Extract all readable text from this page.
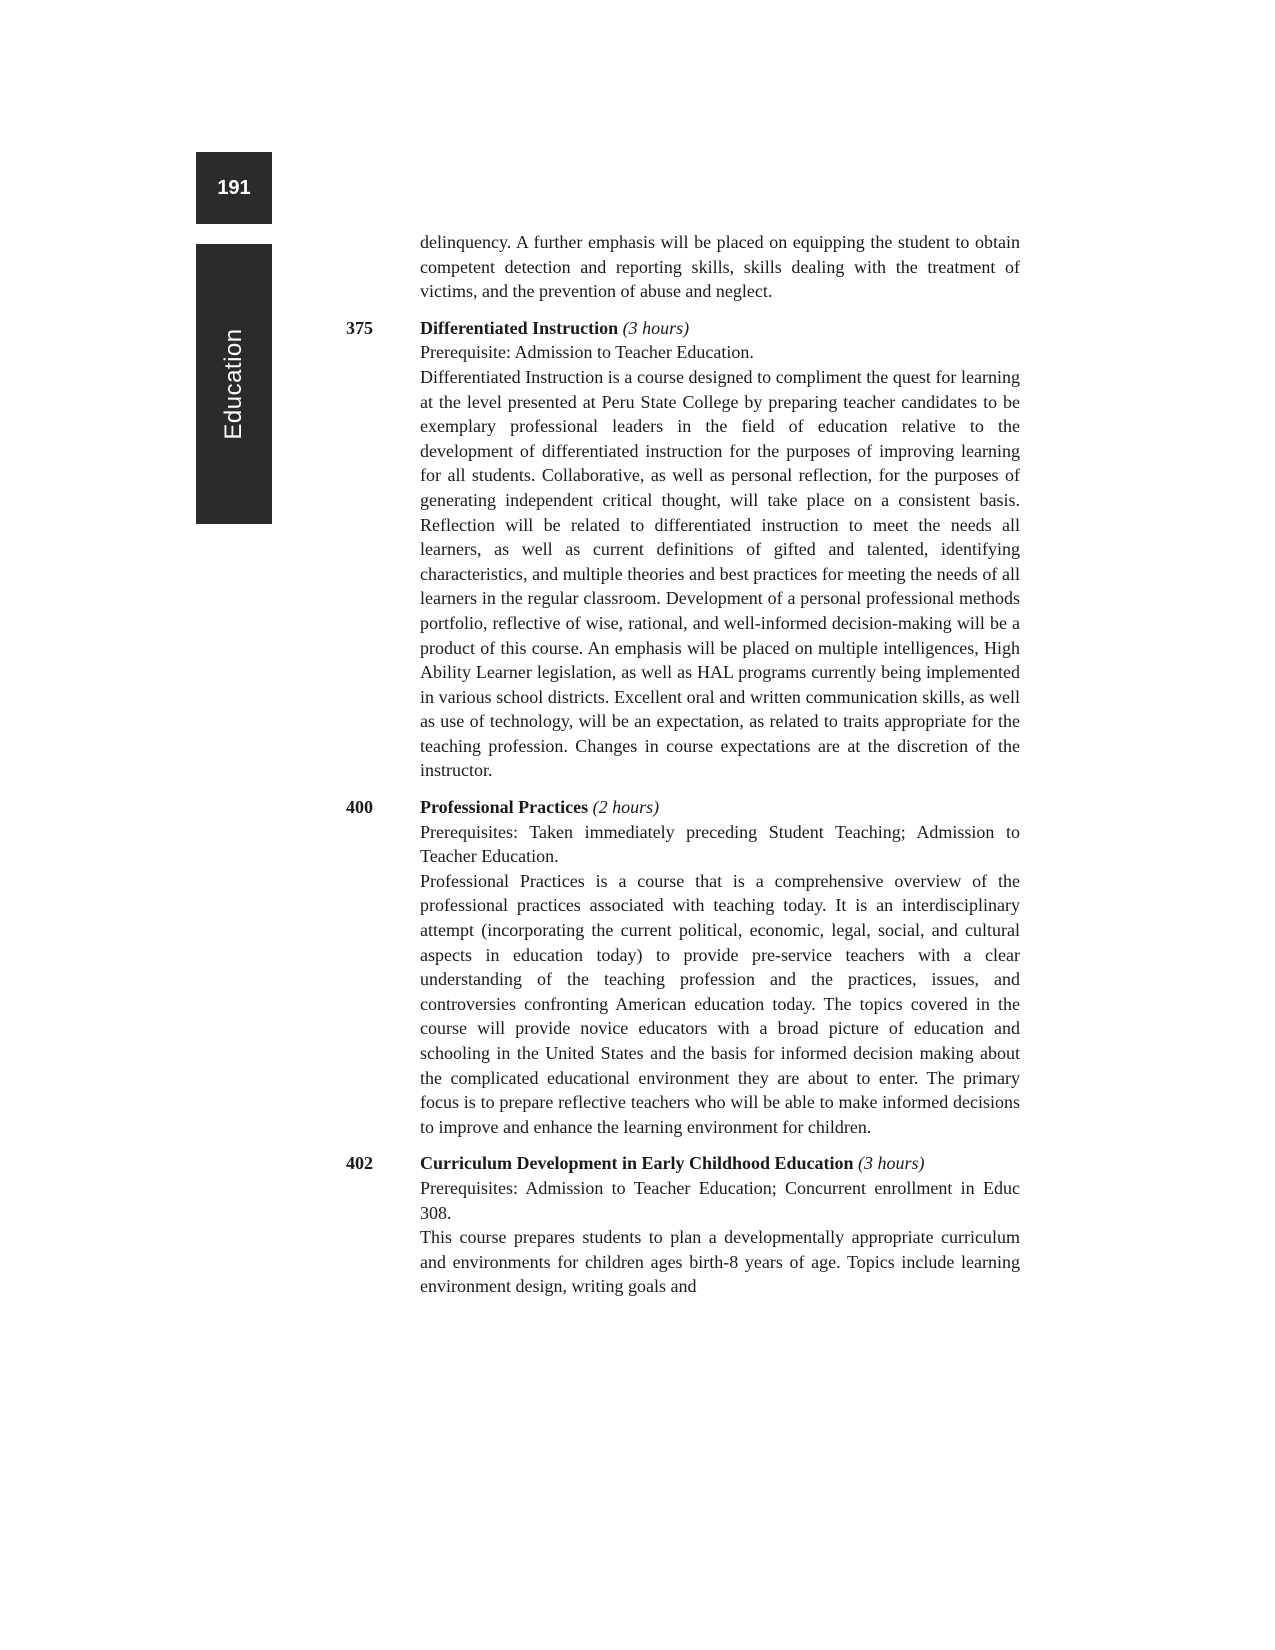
191
Education

delinquency. A further emphasis will be placed on equipping the student to obtain competent detection and reporting skills, skills dealing with the treatment of victims, and the prevention of abuse and neglect.

375	Differentiated Instruction (3 hours)

Prerequisite: Admission to Teacher Education.

Differentiated Instruction is a course designed to compliment the quest for learning at the level presented at Peru State College by preparing teacher candidates to be exemplary professional leaders in the field of education relative to the development of differentiated instruction for the purposes of improving learning for all students. Collaborative, as well as personal reflection, for the purposes of generating independent critical thought, will take place on a consistent basis. Reflection will be related to differentiated instruction to meet the needs all learners, as well as current definitions of gifted and talented, identifying characteristics, and multiple theories and best practices for meeting the needs of all learners in the regular classroom. Development of a personal professional methods portfolio, reflective of wise, rational, and well-informed decision-making will be a product of this course. An emphasis will be placed on multiple intelligences, High Ability Learner legislation, as well as HAL programs currently being implemented in various school districts. Excellent oral and written communication skills, as well as use of technology, will be an expectation, as related to traits appropriate for the teaching profession. Changes in course expectations are at the discretion of the instructor.

400	Professional Practices (2 hours)

Prerequisites: Taken immediately preceding Student Teaching; Admission to Teacher Education.

Professional Practices is a course that is a comprehensive overview of the professional practices associated with teaching today. It is an interdisciplinary attempt (incorporating the current political, economic, legal, social, and cultural aspects in education today) to provide pre-service teachers with a clear understanding of the teaching profession and the practices, issues, and controversies confronting American education today. The topics covered in the course will provide novice educators with a broad picture of education and schooling in the United States and the basis for informed decision making about the complicated educational environment they are about to enter. The primary focus is to prepare reflective teachers who will be able to make informed decisions to improve and enhance the learning environment for children.

402	Curriculum Development in Early Childhood Education (3 hours)

Prerequisites: Admission to Teacher Education; Concurrent enrollment in Educ 308.

This course prepares students to plan a developmentally appropriate curriculum and environments for children ages birth-8 years of age. Topics include learning environment design, writing goals and
